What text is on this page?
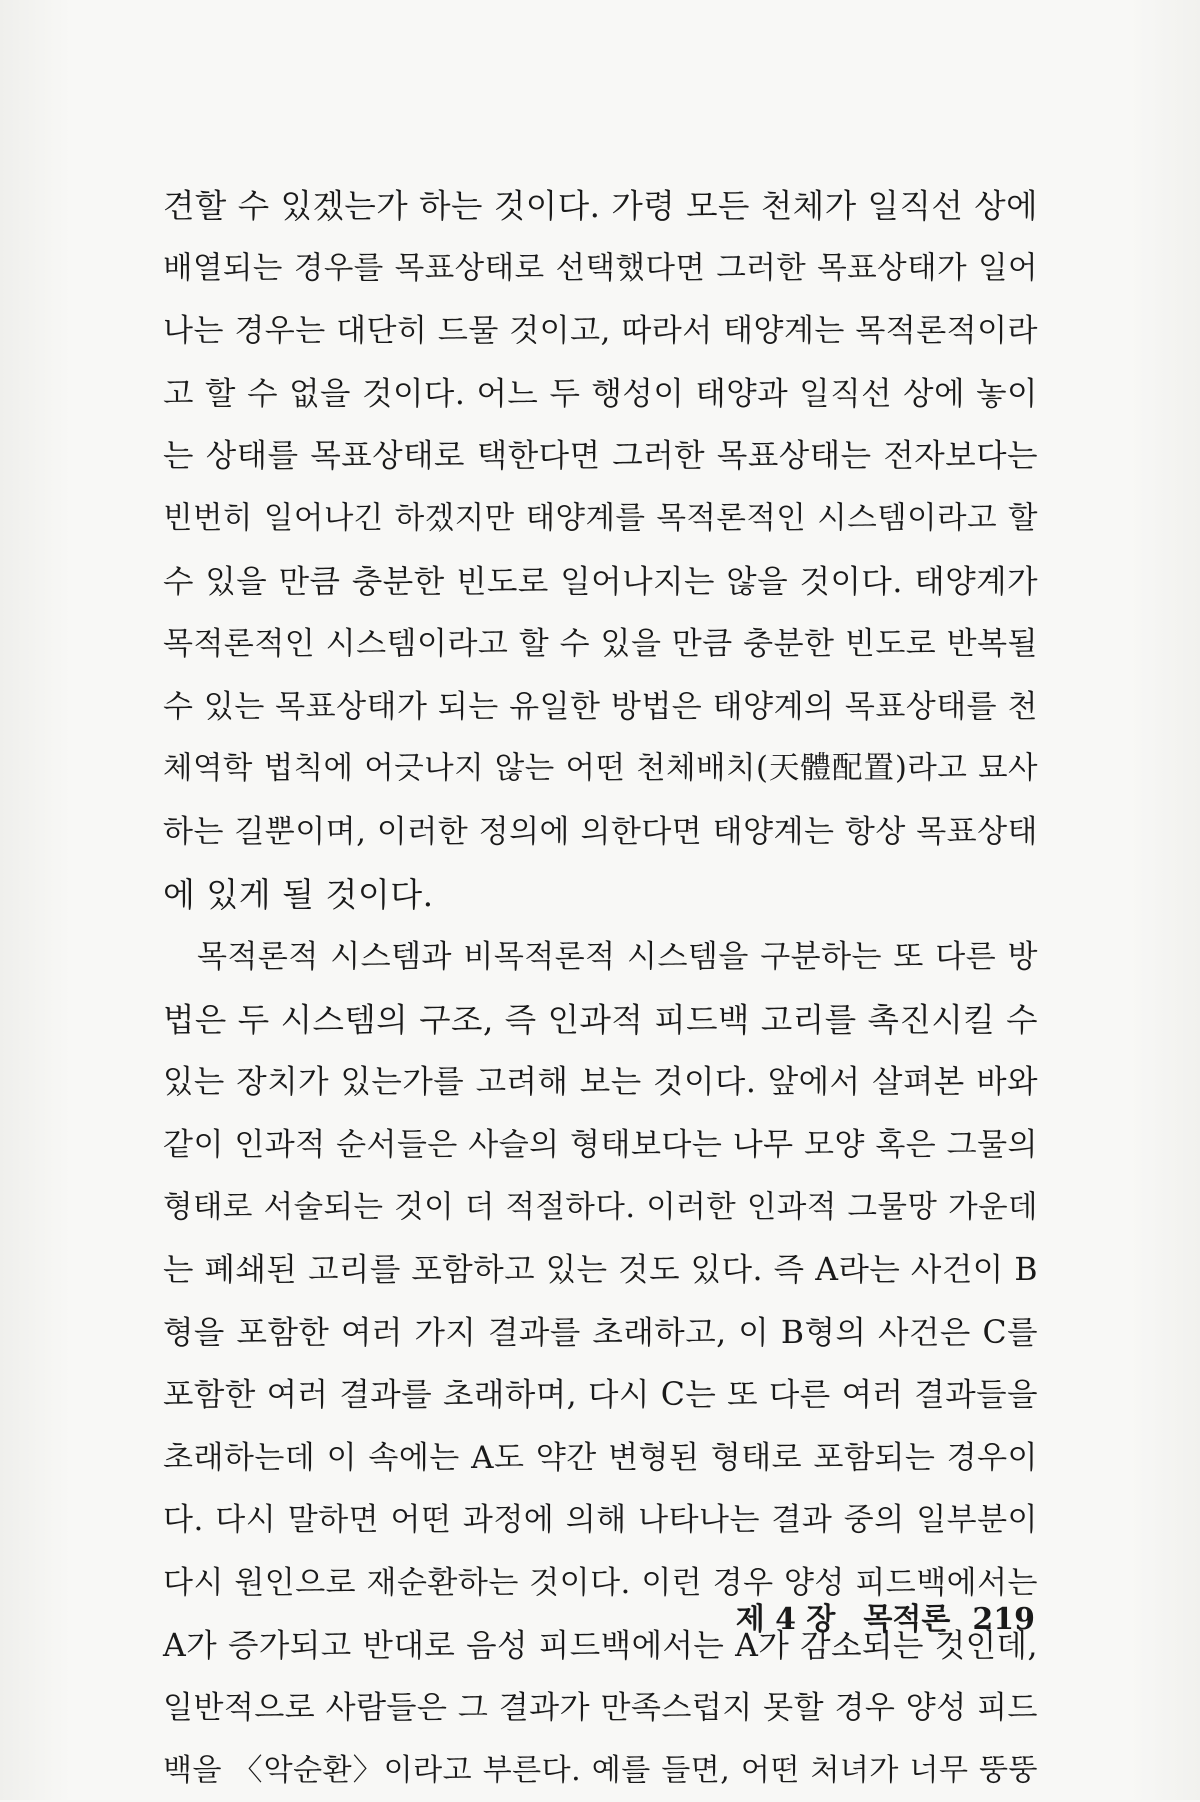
견할 수 있겠는가 하는 것이다. 가령 모든 천체가 일직선 상에
배열되는 경우를 목표상태로 선택했다면 그러한 목표상태가 일어
나는 경우는 대단히 드물 것이고, 따라서 태양계는 목적론적이라
고 할 수 없을 것이다. 어느 두 행성이 태양과 일직선 상에 놓이
는 상태를 목표상태로 택한다면 그러한 목표상태는 전자보다는
빈번히 일어나긴 하겠지만 태양계를 목적론적인 시스템이라고 할
수 있을 만큼 충분한 빈도로 일어나지는 않을 것이다. 태양계가
목적론적인 시스템이라고 할 수 있을 만큼 충분한 빈도로 반복될
수 있는 목표상태가 되는 유일한 방법은 태양계의 목표상태를 천
체역학 법칙에 어긋나지 않는 어떤 천체배치(天體配置)라고 묘사
하는 길뿐이며, 이러한 정의에 의한다면 태양계는 항상 목표상태
에 있게 될 것이다.
목적론적 시스템과 비목적론적 시스템을 구분하는 또 다른 방
법은 두 시스템의 구조, 즉 인과적 피드백 고리를 촉진시킬 수
있는 장치가 있는가를 고려해 보는 것이다. 앞에서 살펴본 바와
같이 인과적 순서들은 사슬의 형태보다는 나무 모양 혹은 그물의
형태로 서술되는 것이 더 적절하다. 이러한 인과적 그물망 가운데
는 폐쇄된 고리를 포함하고 있는 것도 있다. 즉 A라는 사건이 B
형을 포함한 여러 가지 결과를 초래하고, 이 B형의 사건은 C를
포함한 여러 결과를 초래하며, 다시 C는 또 다른 여러 결과들을
초래하는데 이 속에는 A도 약간 변형된 형태로 포함되는 경우이
다. 다시 말하면 어떤 과정에 의해 나타나는 결과 중의 일부분이
다시 원인으로 재순환하는 것이다. 이런 경우 양성 피드백에서는
A가 증가되고 반대로 음성 피드백에서는 A가 감소되는 것인데,
일반적으로 사람들은 그 결과가 만족스럽지 못할 경우 양성 피드
백을 〈악순환〉이라고 부른다. 예를 들면, 어떤 처녀가 너무 뚱뚱
제 4 장 목적론 219
